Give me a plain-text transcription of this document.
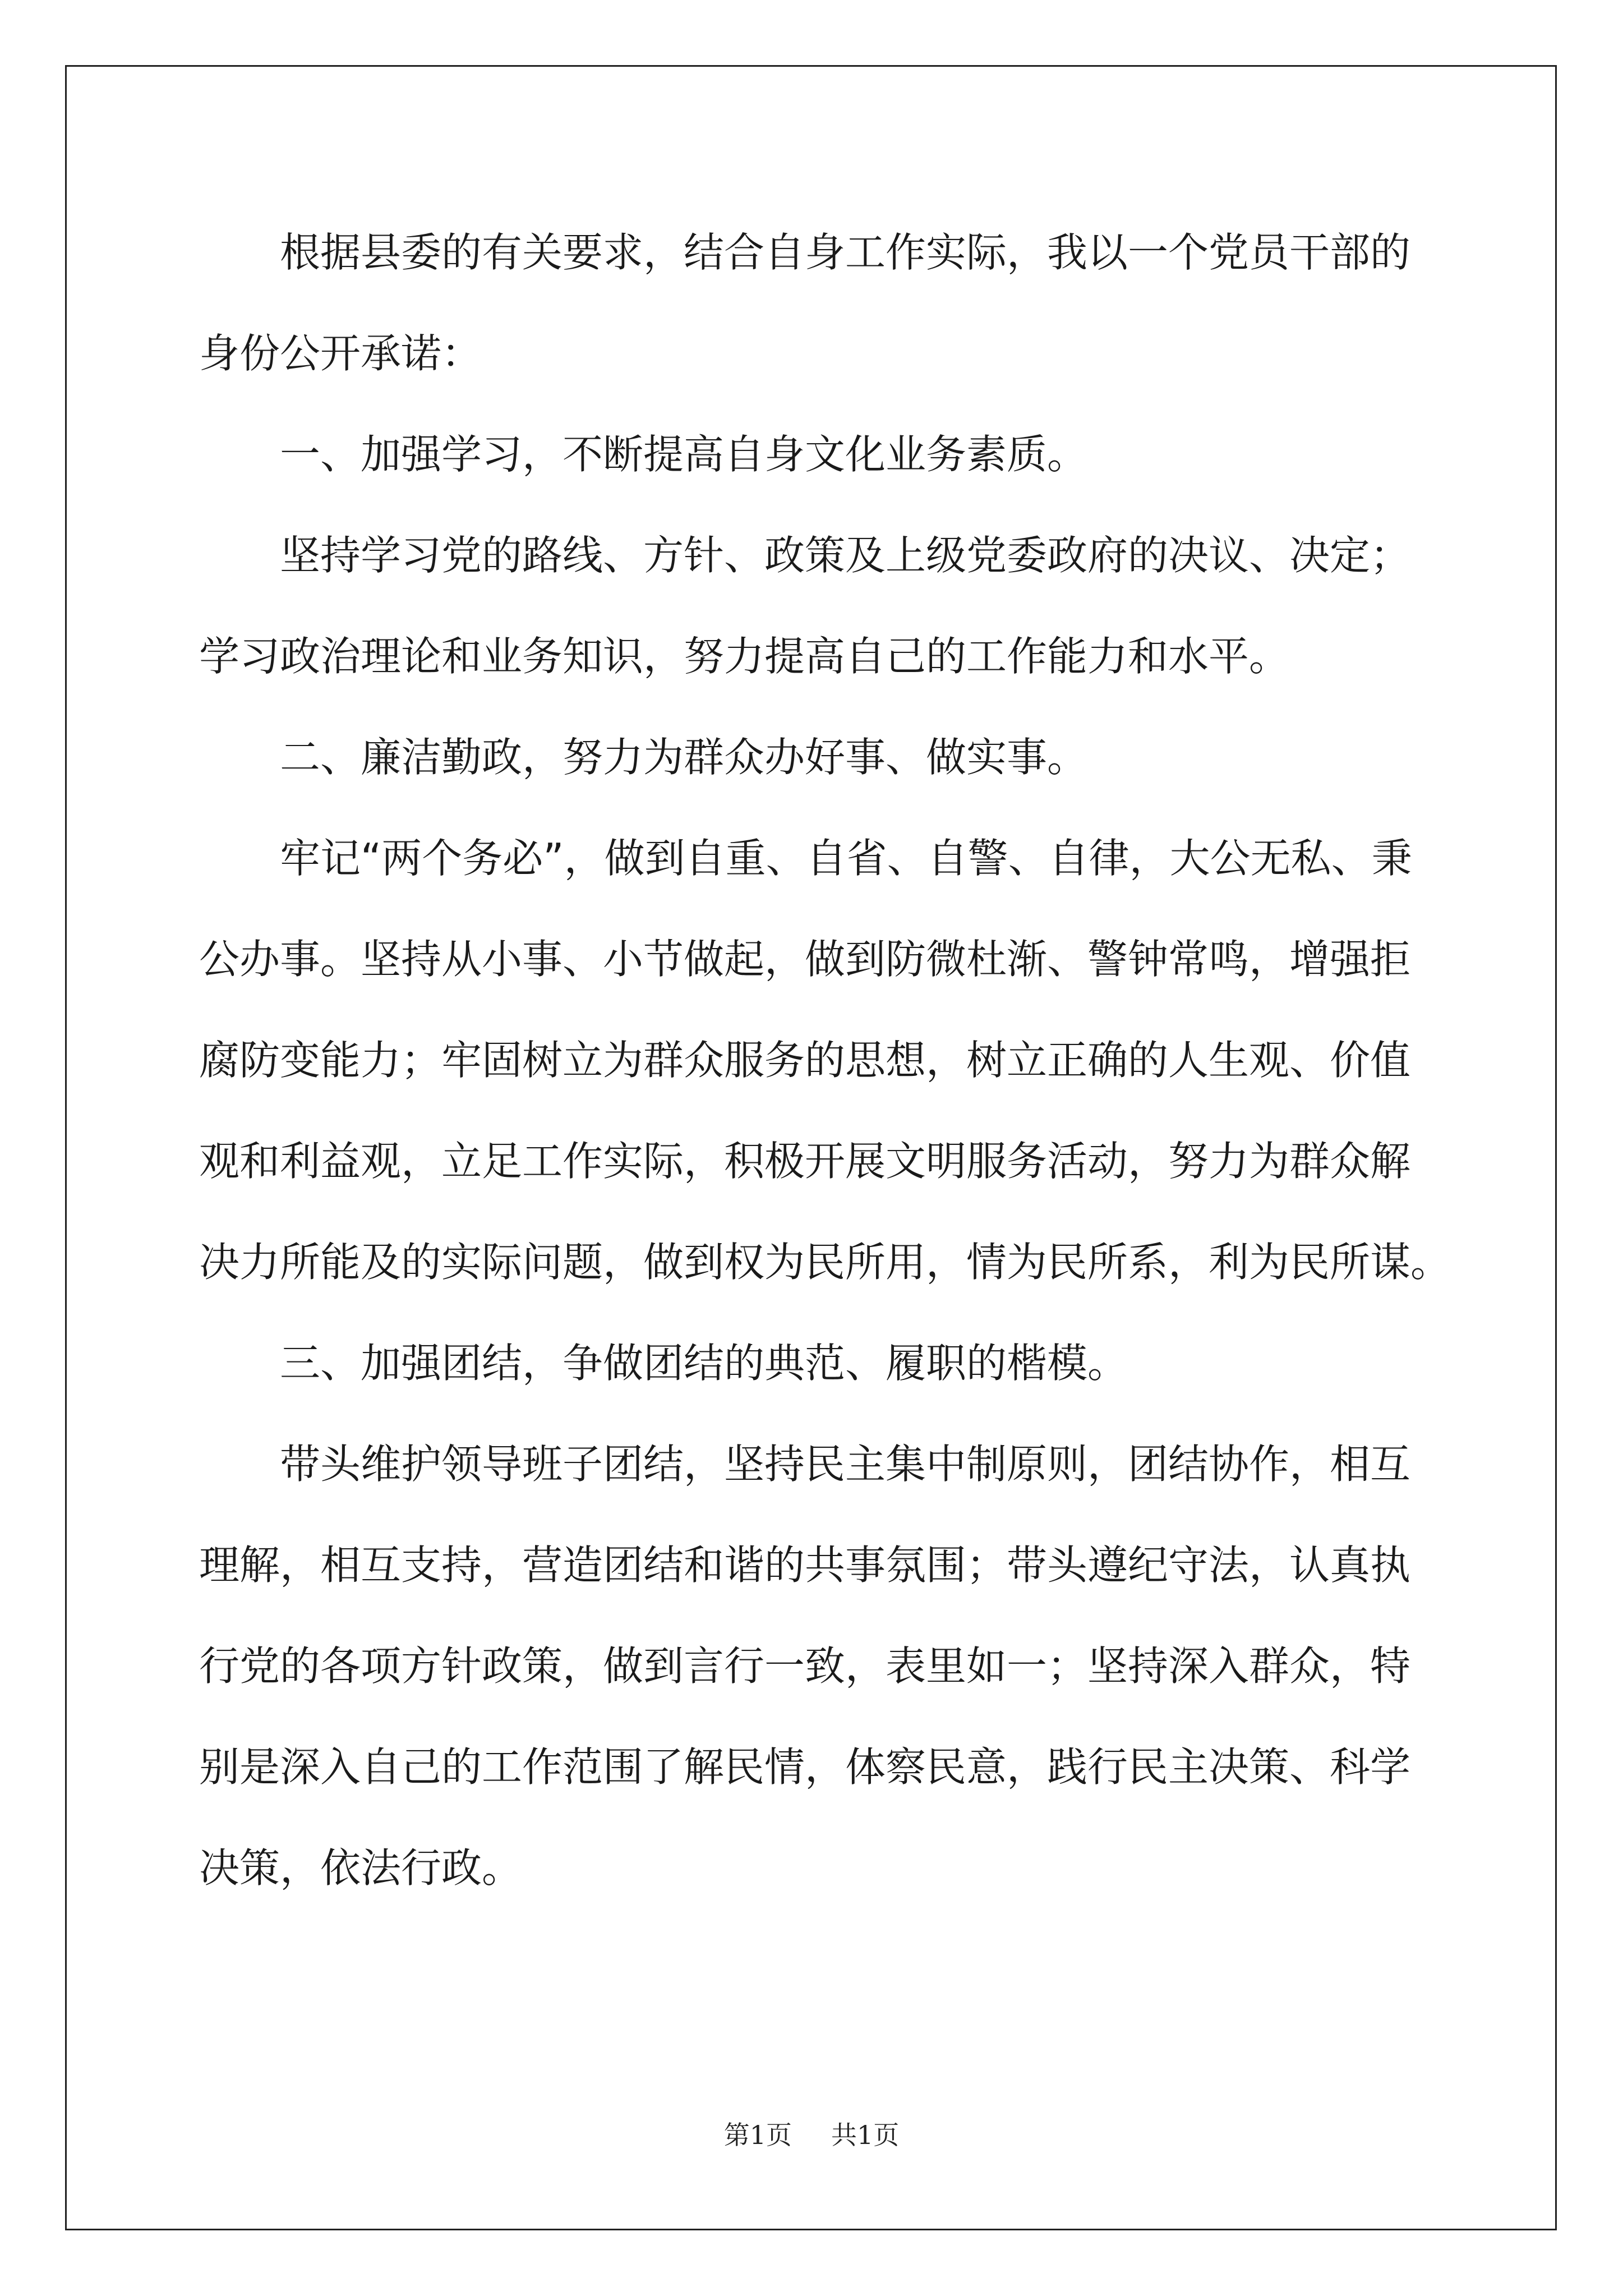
根据县委的有关要求，结合自身工作实际，我以一个党员干部的
身份公开承诺：
一、加强学习，不断提高自身文化业务素质。
坚持学习党的路线、方针、政策及上级党委政府的决议、决定；
学习政治理论和业务知识，努力提高自己的工作能力和水平。
二、廉洁勤政，努力为群众办好事、做实事。
牢记“两个务必”，做到自重、自省、自警、自律，大公无私、秉
公办事。坚持从小事、小节做起，做到防微杜渐、警钟常鸣，增强拒
腐防变能力；牢固树立为群众服务的思想，树立正确的人生观、价值
观和利益观，立足工作实际，积极开展文明服务活动，努力为群众解
决力所能及的实际问题，做到权为民所用，情为民所系，利为民所谋。
三、加强团结，争做团结的典范、履职的楷模。
带头维护领导班子团结，坚持民主集中制原则，团结协作，相互
理解，相互支持，营造团结和谐的共事氛围；带头遵纪守法，认真执
行党的各项方针政策，做到言行一致，表里如一；坚持深入群众，特
别是深入自己的工作范围了解民情，体察民意，践行民主决策、科学
决策，依法行政。
第1页 共1页
